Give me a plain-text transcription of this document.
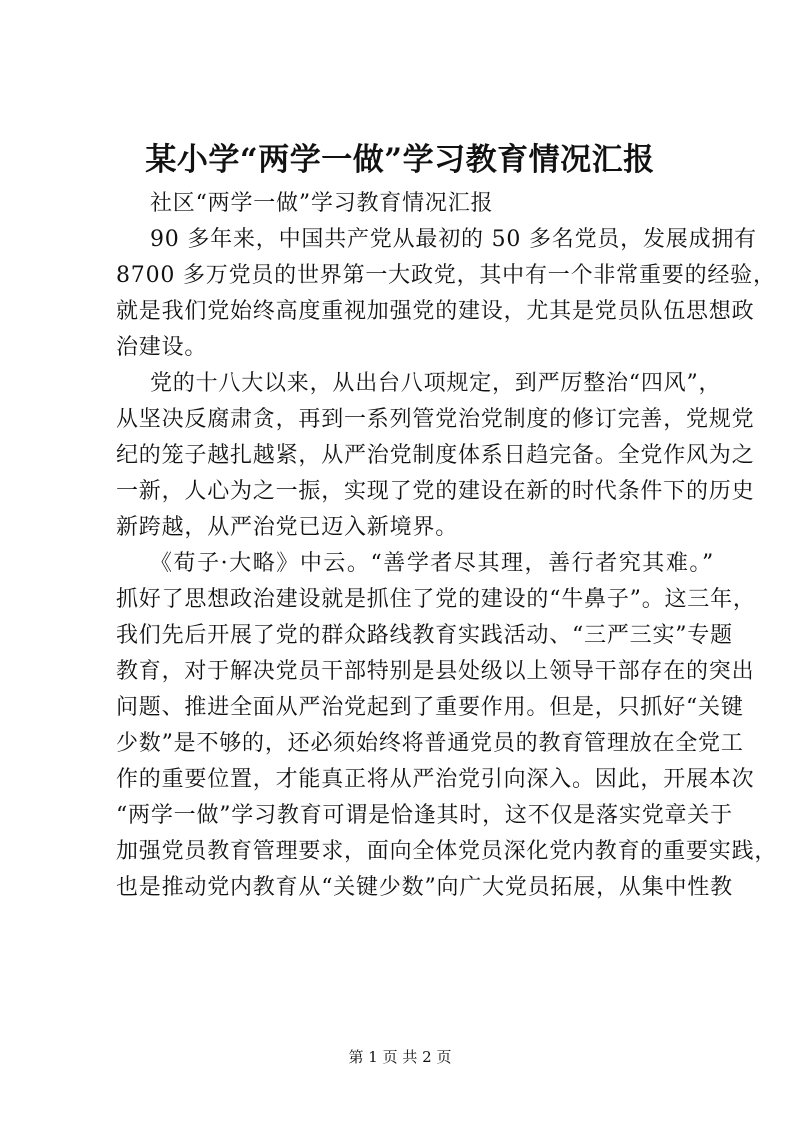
某小学“两学一做”学习教育情况汇报
社区“两学一做”学习教育情况汇报
90 多年来，中国共产党从最初的 50 多名党员，发展成拥有
8700 多万党员的世界第一大政党，其中有一个非常重要的经验，
就是我们党始终高度重视加强党的建设，尤其是党员队伍思想政
治建设。
党的十八大以来，从出台八项规定，到严厉整治“四风”，
从坚决反腐肃贪，再到一系列管党治党制度的修订完善，党规党
纪的笼子越扎越紧，从严治党制度体系日趋完备。全党作风为之
一新，人心为之一振，实现了党的建设在新的时代条件下的历史
新跨越，从严治党已迈入新境界。
《荀子·大略》中云。“善学者尽其理，善行者究其难。”
抓好了思想政治建设就是抓住了党的建设的“牛鼻子”。这三年，
我们先后开展了党的群众路线教育实践活动、“三严三实”专题
教育，对于解决党员干部特别是县处级以上领导干部存在的突出
问题、推进全面从严治党起到了重要作用。但是，只抓好“关键
少数”是不够的，还必须始终将普通党员的教育管理放在全党工
作的重要位置，才能真正将从严治党引向深入。因此，开展本次
“两学一做”学习教育可谓是恰逢其时，这不仅是落实党章关于
加强党员教育管理要求，面向全体党员深化党内教育的重要实践，
也是推动党内教育从“关键少数”向广大党员拓展，从集中性教
第 1 页 共 2 页
